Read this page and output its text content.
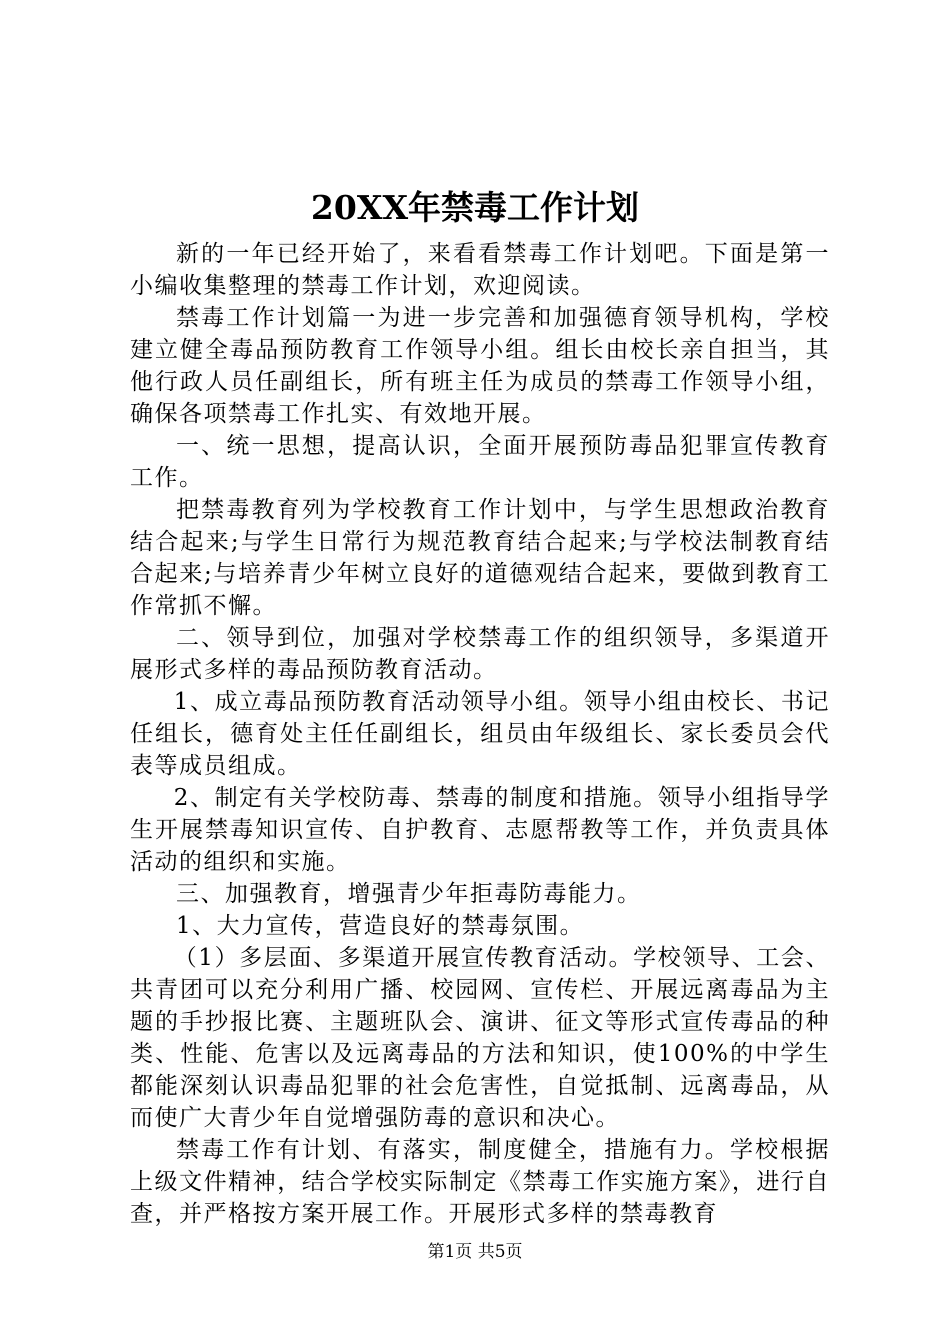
20XX年禁毒工作计划

新的一年已经开始了，来看看禁毒工作计划吧。下面是第一小编收集整理的禁毒工作计划，欢迎阅读。

禁毒工作计划篇一为进一步完善和加强德育领导机构，学校建立健全毒品预防教育工作领导小组。组长由校长亲自担当，其他行政人员任副组长，所有班主任为成员的禁毒工作领导小组，确保各项禁毒工作扎实、有效地开展。

一、统一思想，提高认识，全面开展预防毒品犯罪宣传教育工作。

把禁毒教育列为学校教育工作计划中，与学生思想政治教育结合起来;与学生日常行为规范教育结合起来;与学校法制教育结合起来;与培养青少年树立良好的道德观结合起来，要做到教育工作常抓不懈。

二、领导到位，加强对学校禁毒工作的组织领导，多渠道开展形式多样的毒品预防教育活动。

1、成立毒品预防教育活动领导小组。领导小组由校长、书记任组长，德育处主任任副组长，组员由年级组长、家长委员会代表等成员组成。

2、制定有关学校防毒、禁毒的制度和措施。领导小组指导学生开展禁毒知识宣传、自护教育、志愿帮教等工作，并负责具体活动的组织和实施。

三、加强教育，增强青少年拒毒防毒能力。

1、大力宣传，营造良好的禁毒氛围。

（1）多层面、多渠道开展宣传教育活动。学校领导、工会、共青团可以充分利用广播、校园网、宣传栏、开展远离毒品为主题的手抄报比赛、主题班队会、演讲、征文等形式宣传毒品的种类、性能、危害以及远离毒品的方法和知识，使100%的中学生都能深刻认识毒品犯罪的社会危害性，自觉抵制、远离毒品，从而使广大青少年自觉增强防毒的意识和决心。

禁毒工作有计划、有落实，制度健全，措施有力。学校根据上级文件精神，结合学校实际制定《禁毒工作实施方案》，进行自查，并严格按方案开展工作。开展形式多样的禁毒教育

第1页 共5页
